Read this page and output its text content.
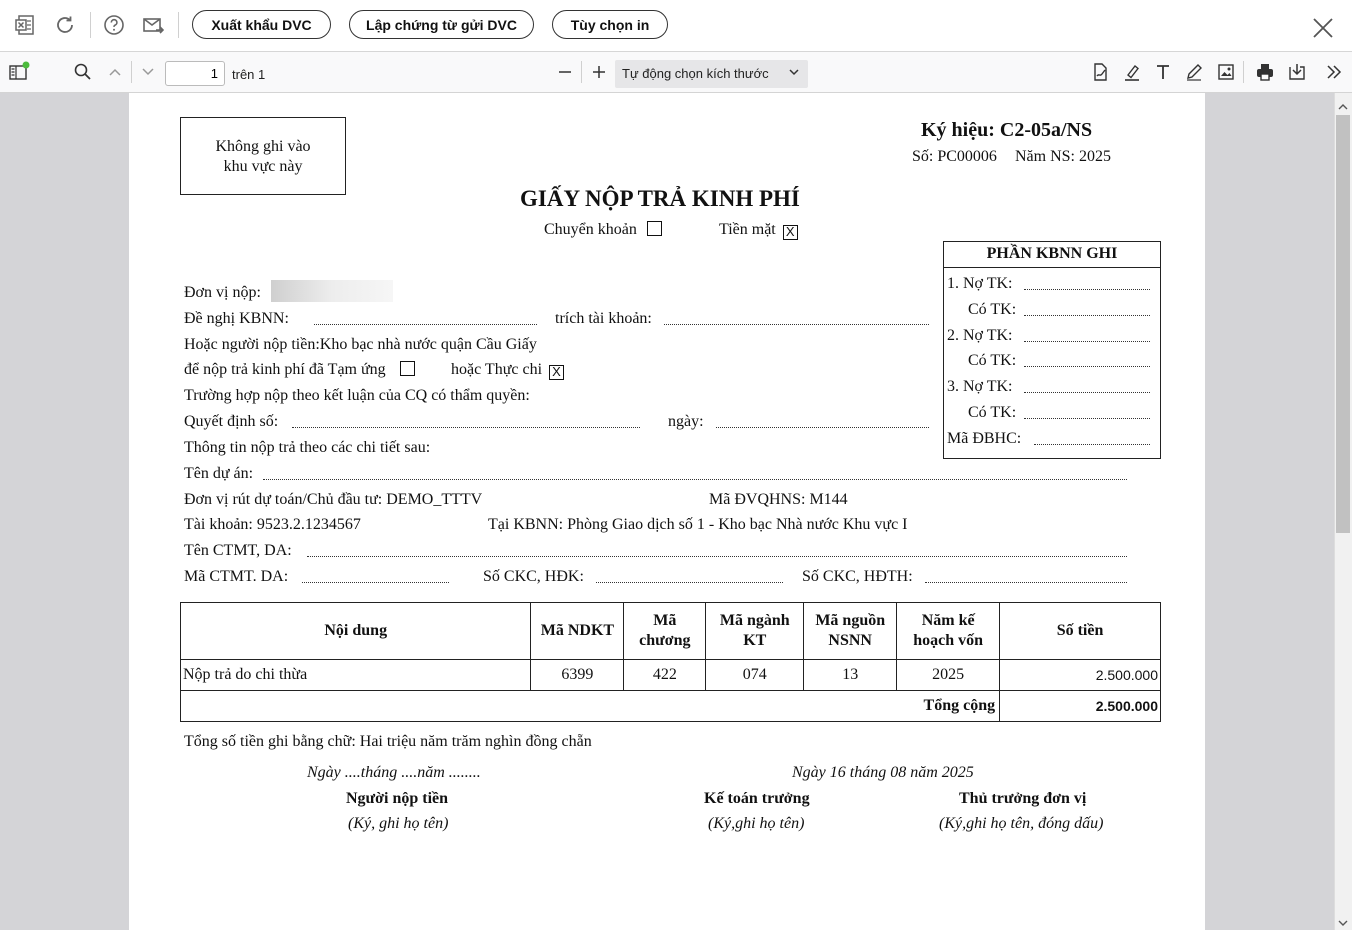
Xuất khẩu DVC	Lập chứng từ gửi DVC	Tùy chọn in
1	trên 1	Tự động chọn kích thước
Không ghi vào
khu vực này
Ký hiệu: C2-05a/NS
Số: PC00006 Năm NS: 2025
GIẤY NỘP TRẢ KINH PHÍ
Chuyển khoản	Tiền mặt X
PHẦN KBNN GHI
1. Nợ TK:
Có TK:
2. Nợ TK:
Có TK:
3. Nợ TK:
Có TK:
Mã ĐBHC:
Đơn vị nộp:
Đề nghị KBNN:	trích tài khoản:
Hoặc người nộp tiền:Kho bạc nhà nước quận Cầu Giấy
để nộp trả kinh phí đã Tạm ứng	hoặc Thực chi X
Trường hợp nộp theo kết luận của CQ có thẩm quyền:
Quyết định số:	ngày:
Thông tin nộp trả theo các chi tiết sau:
Tên dự án:
Đơn vị rút dự toán/Chủ đầu tư: DEMO_TTTV	Mã ĐVQHNS: M144
Tài khoản: 9523.2.1234567	Tại KBNN: Phòng Giao dịch số 1 - Kho bạc Nhà nước Khu vực I
Tên CTMT, DA:
Mã CTMT. DA:	Số CKC, HĐK:	Số CKC, HĐTH:
Nội dung	Mã NDKT	Mã chương	Mã ngành KT	Mã nguồn NSNN	Năm kế hoạch vốn	Số tiền
Nộp trả do chi thừa	6399	422	074	13	2025	2.500.000
Tổng cộng						2.500.000
Tổng số tiền ghi bằng chữ: Hai triệu năm trăm nghìn đồng chẵn
Ngày ....tháng ....năm ........	Ngày 16 tháng 08 năm 2025
Người nộp tiền	Kế toán trưởng	Thủ trưởng đơn vị
(Ký, ghi họ tên)	(Ký,ghi họ tên)	(Ký,ghi họ tên, đóng dấu)
